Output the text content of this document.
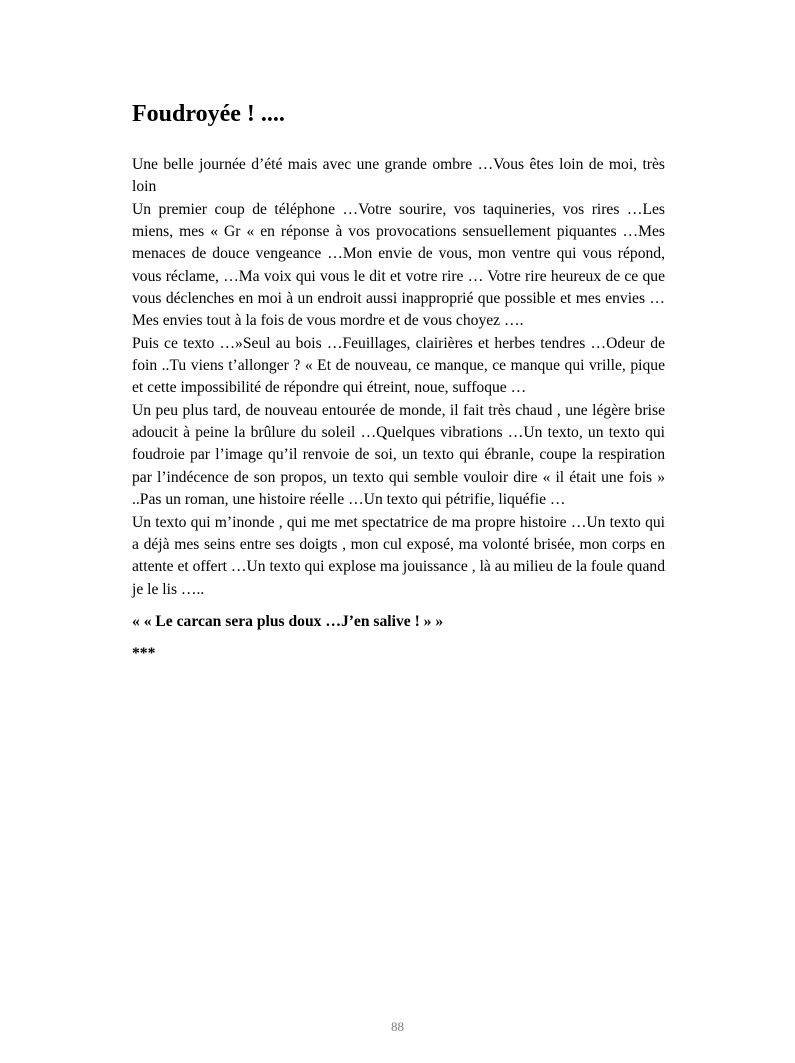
Foudroyée ! ....

Une belle journée d’été mais avec une grande ombre …Vous êtes loin de moi, très loin

Un premier coup de téléphone …Votre sourire, vos taquineries, vos rires …Les miens, mes « Gr « en réponse à vos provocations sensuellement piquantes …Mes menaces de douce vengeance …Mon envie de vous, mon ventre qui vous répond, vous réclame, …Ma voix qui vous le dit et votre rire … Votre rire heureux de ce que vous déclenches en moi à un endroit aussi inapproprié que possible et mes envies …Mes envies tout à la fois de vous mordre et de vous choyez ….

Puis ce texto …»Seul au bois …Feuillages, clairières et herbes tendres …Odeur de foin ..Tu viens t’allonger ? « Et de nouveau, ce manque, ce manque qui vrille, pique et cette impossibilité de répondre qui étreint, noue, suffoque …

Un peu plus tard, de nouveau entourée de monde, il fait très chaud , une légère brise adoucit à peine la brûlure du soleil …Quelques vibrations …Un texto, un texto qui foudroie par l’image qu’il renvoie de soi, un texto qui ébranle, coupe la respiration par l’indécence de son propos, un texto qui semble vouloir dire « il était une fois » ..Pas un roman, une histoire réelle …Un texto qui pétrifie, liquéfie …

Un texto qui m’inonde , qui me met spectatrice de ma propre histoire …Un texto qui a déjà mes seins entre ses doigts , mon cul exposé, ma volonté brisée, mon corps en attente et offert …Un texto qui explose ma jouissance , là au milieu de la foule quand je le lis …..

« « Le carcan sera plus doux …J’en salive ! » »

***

88
